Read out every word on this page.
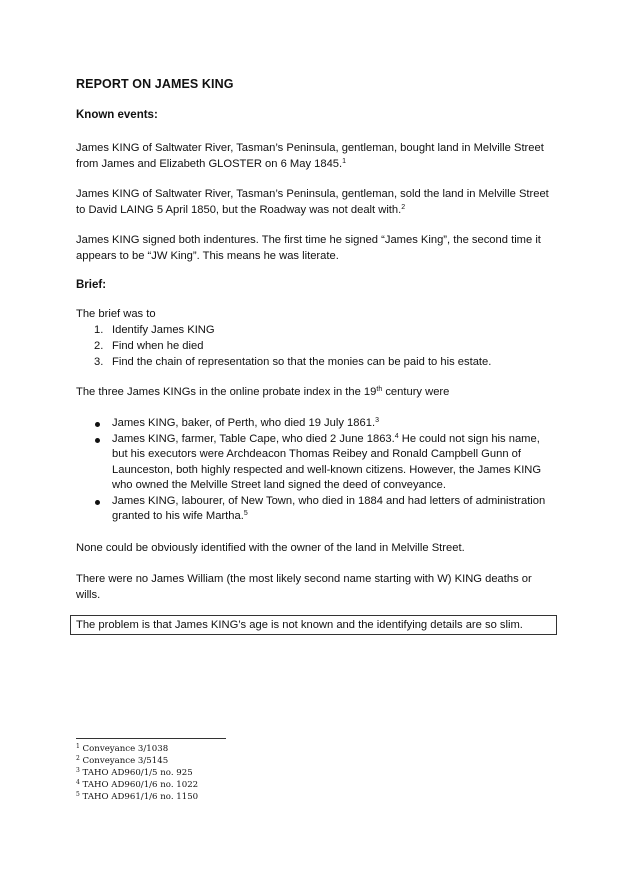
REPORT ON JAMES KING
Known events:

James KING of Saltwater River, Tasman’s Peninsula, gentleman, bought land in Melville Street from James and Elizabeth GLOSTER on 6 May 1845.$^1$

James KING of Saltwater River, Tasman’s Peninsula, gentleman, sold the land in Melville Street to David LAING 5 April 1850, but the Roadway was not dealt with.$^2$

James KING signed both indentures. The first time he signed “James King”, the second time it appears to be “JW King”. This means he was literate.

Brief:

The brief was to

1. Identify James KING
2. Find when he died
3. Find the chain of representation so that the monies can be paid to his estate.

The three James KINGs in the online probate index in the 19th century were

James KING, baker, of Perth, who died 19 July 1861.$^3$
James KING, farmer, Table Cape, who died 2 June 1863.$^4$ He could not sign his name, but his executors were Archdeacon Thomas Reibey and Ronald Campbell Gunn of Launceston, both highly respected and well-known citizens. However, the James KING who owned the Melville Street land signed the deed of conveyance.
James KING, labourer, of New Town, who died in 1884 and had letters of administration granted to his wife Martha.$^5$

None could be obviously identified with the owner of the land in Melville Street.

There were no James William (the most likely second name starting with W) KING deaths or wills.

The problem is that James KING’s age is not known and the identifying details are so slim.

$^1$ Conveyance 3/1038
$^2$ Conveyance 3/5145
$^3$ TAHO AD960/1/5 no. 925
$^4$ TAHO AD960/1/6 no. 1022
$^5$ TAHO AD961/1/6 no. 1150
